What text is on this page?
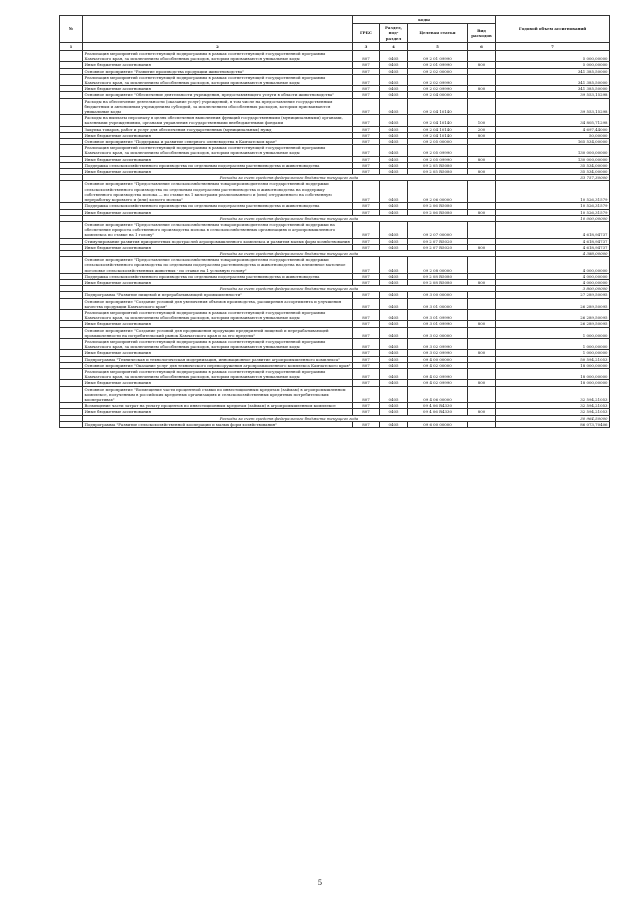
№		коды				Годовой объем ассигнований
		ГРБС	Раздел, под-раздел	Целевая статья	Вид расходов	
1	2	3	4	5	6	7
	Реализация мероприятий соответствующей подпрограммы в рамках соответствующей государственной программы Камчатского края, за исключением обособленных расходов, которым присваиваются уникальные коды	807	0405	09 2 01 09990		5 000,00000
	Иные бюджетные ассигнования	807	0405	09 2 01 09990	800	5 000,00000
	Основное мероприятие "Развитие производства продукции животноводства"	807	0405	09 2 02 00000		341 385,50000
	Реализация мероприятий соответствующей подпрограммы в рамках соответствующей государственной программы Камчатского края, за исключением обособленных расходов, которым присваиваются уникальные коды	807	0405	09 2 02 09990		341 385,50000
	Иные бюджетные ассигнования	807	0405	09 2 02 09990	800	341 385,50000
	Основное мероприятие "Обеспечение деятельности учреждения, предоставляющего услуги в области животноводства"	807	0405	09 2 04 00000		39 553,15298
	Расходы на обеспечение деятельности (оказание услуг) учреждений, в том числе на предоставление государственным бюджетным и автономным учреждениям субсидий, за исключением обособленных расходов, которым присваиваются уникальные коды	807	0405	09 2 04 10140		39 553,15298
	Расходы на выплаты персоналу в целях обеспечения выполнения функций государственными (муниципальными) органами, казенными учреждениями, органами управления государственными внебюджетными фондами	807	0405	09 2 04 10140	100	34 805,71298
	Закупка товаров, работ и услуг для обеспечения государственных (муниципальных) нужд	807	0405	09 2 04 10140	200	4 697,44000
	Иные бюджетные ассигнования	807	0405	09 2 04 10140	800	50,00000
	Основное мероприятие "Поддержка и развитие северного оленеводства в Камчатском крае"	807	0405	09 2 05 00000		165 534,00000
	Реализация мероприятий соответствующей подпрограммы в рамках соответствующей государственной программы Камчатского края, за исключением обособленных расходов, которым присваиваются уникальные коды	807	0405	09 2 05 09990		130 000,00000
	Иные бюджетные ассигнования	807	0405	09 2 05 09990	800	130 000,00000
	Поддержка сельскохозяйственного производства по отдельным подотраслям растениеводства и животноводства	807	0405	09 2 05 R5080		35 534,00000
	Иные бюджетные ассигнования	807	0405	09 2 05 R5080	800	35 534,00000
	Расходы за счет средств федерального бюджета текущего года					33 757,30000
	Основное мероприятие "Предоставление сельскохозяйственным товаропроизводителям государственной поддержки сельскохозяйственного производства по отдельным подотраслям растениеводства и животноводства на поддержку собственного производства молока — по ставке на 1 килограмм реализованного и (или) отгруженного на собственную переработку коровьего и (или) козьего молока"	807	0405	09 2 06 00000		10 526,31579
	Поддержка сельскохозяйственного производства по отдельным подотраслям растениеводства и животноводства	807	0405	09 2 06 R5080		10 526,31579
	Иные бюджетные ассигнования	807	0405	09 2 06 R5080	800	10 526,31579
	Расходы за счет средств федерального бюджета текущего года					10 000,00000
	Основное мероприятие "Предоставление сельскохозяйственным товаропроизводителям государственной поддержки на обеспечение прироста собственного производства молока в сельскохозяйственных организациях и агропромышленного комплекса по ставке на 1 голову"	807	0405	09 2 07 00000		4 618,94737
	Стимулирование развития приоритетных подотраслей агропромышленного комплекса и развития малых форм хозяйствования	807	0405	09 2 07 R5020		4 618,94737
	Иные бюджетные ассигнования	807	0405	09 2 07 R5020	800	4 618,94737
	Расходы за счет средств федерального бюджета текущего года					4 388,00000
	Основное мероприятие "Предоставление сельскохозяйственным товаропроизводителям государственной поддержки сельскохозяйственного производства по отдельным подотраслям растениеводства и животноводства на племенное маточное поголовье сельскохозяйственных животных - по ставке на 1 условную голову"	807	0405	09 2 08 00000		4 000,00000
	Поддержка сельскохозяйственного производства по отдельным подотраслям растениеводства и животноводства	807	0405	09 2 08 R5080		4 000,00000
	Иные бюджетные ассигнования	807	0405	09 2 08 R5080	800	4 000,00000
	Расходы за счет средств федерального бюджета текущего года					3 800,00000
	Подпрограмма "Развитие пищевой и перерабатывающей промышленности"	807	0405	09 3 00 00000		27 289,50095
	Основное мероприятие "Создание условий для увеличения объемов производства, расширения ассортимента и улучшения качества продукции Камчатского края"	807	0405	09 3 01 00000		26 289,50095
	Реализация мероприятий соответствующей подпрограммы в рамках соответствующей государственной программы Камчатского края, за исключением обособленных расходов, которым присваиваются уникальные коды	807	0405	09 3 01 09990		26 289,50095
	Иные бюджетные ассигнования	807	0405	09 3 01 09990	800	26 289,50095
	Основное мероприятие "Создание условий для продвижения продукции предприятий пищевой и перерабатывающей промышленности на потребительский рынок Камчатского края и за его пределы"	807	0405	09 3 02 00000		1 000,00000
	Реализация мероприятий соответствующей подпрограммы в рамках соответствующей государственной программы Камчатского края, за исключением обособленных расходов, которым присваиваются уникальные коды	807	0405	09 3 02 09990		1 000,00000
	Иные бюджетные ассигнования	807	0405	09 3 02 09990	800	1 000,00000
	Подпрограмма "Техническая и технологическая модернизация, инновационное развитие агропромышленного комплекса"	807	0405	09 4 00 00000		50 594,21053
	Основное мероприятие "Оказание услуг для технического перевооружения агропромышленного комплекса Камчатского края"	807	0405	09 4 02 00000		18 000,00000
	Реализация мероприятий соответствующей подпрограммы в рамках соответствующей государственной программы Камчатского края, за исключением обособленных расходов, которым присваиваются уникальные коды	807	0405	09 4 02 09990		18 000,00000
	Иные бюджетные ассигнования	807	0405	09 4 02 09990	800	18 000,00000
	Основное мероприятие "Возмещение части процентной ставки по инвестиционным кредитам (займам) в агропромышленном комплексе, полученным в российских кредитных организациях и сельскохозяйственных кредитных потребительских кооперативах"	807	0405	09 4 06 00000		32 594,21053
	Возмещение части затрат на уплату процентов по инвестиционным кредитам (займам) в агропромышленном комплексе	807	0405	09 4 06 R4330		32 594,21053
	Иные бюджетные ассигнования	807	0405	09 4 06 R4330	800	32 594,21053
	Расходы за счет средств федерального бюджета текущего года					30 964,50000
	Подпрограмма "Развитие сельскохозяйственной кооперации и малых форм хозяйствования"	807	0405	09 6 00 00000		86 073,70406
5
